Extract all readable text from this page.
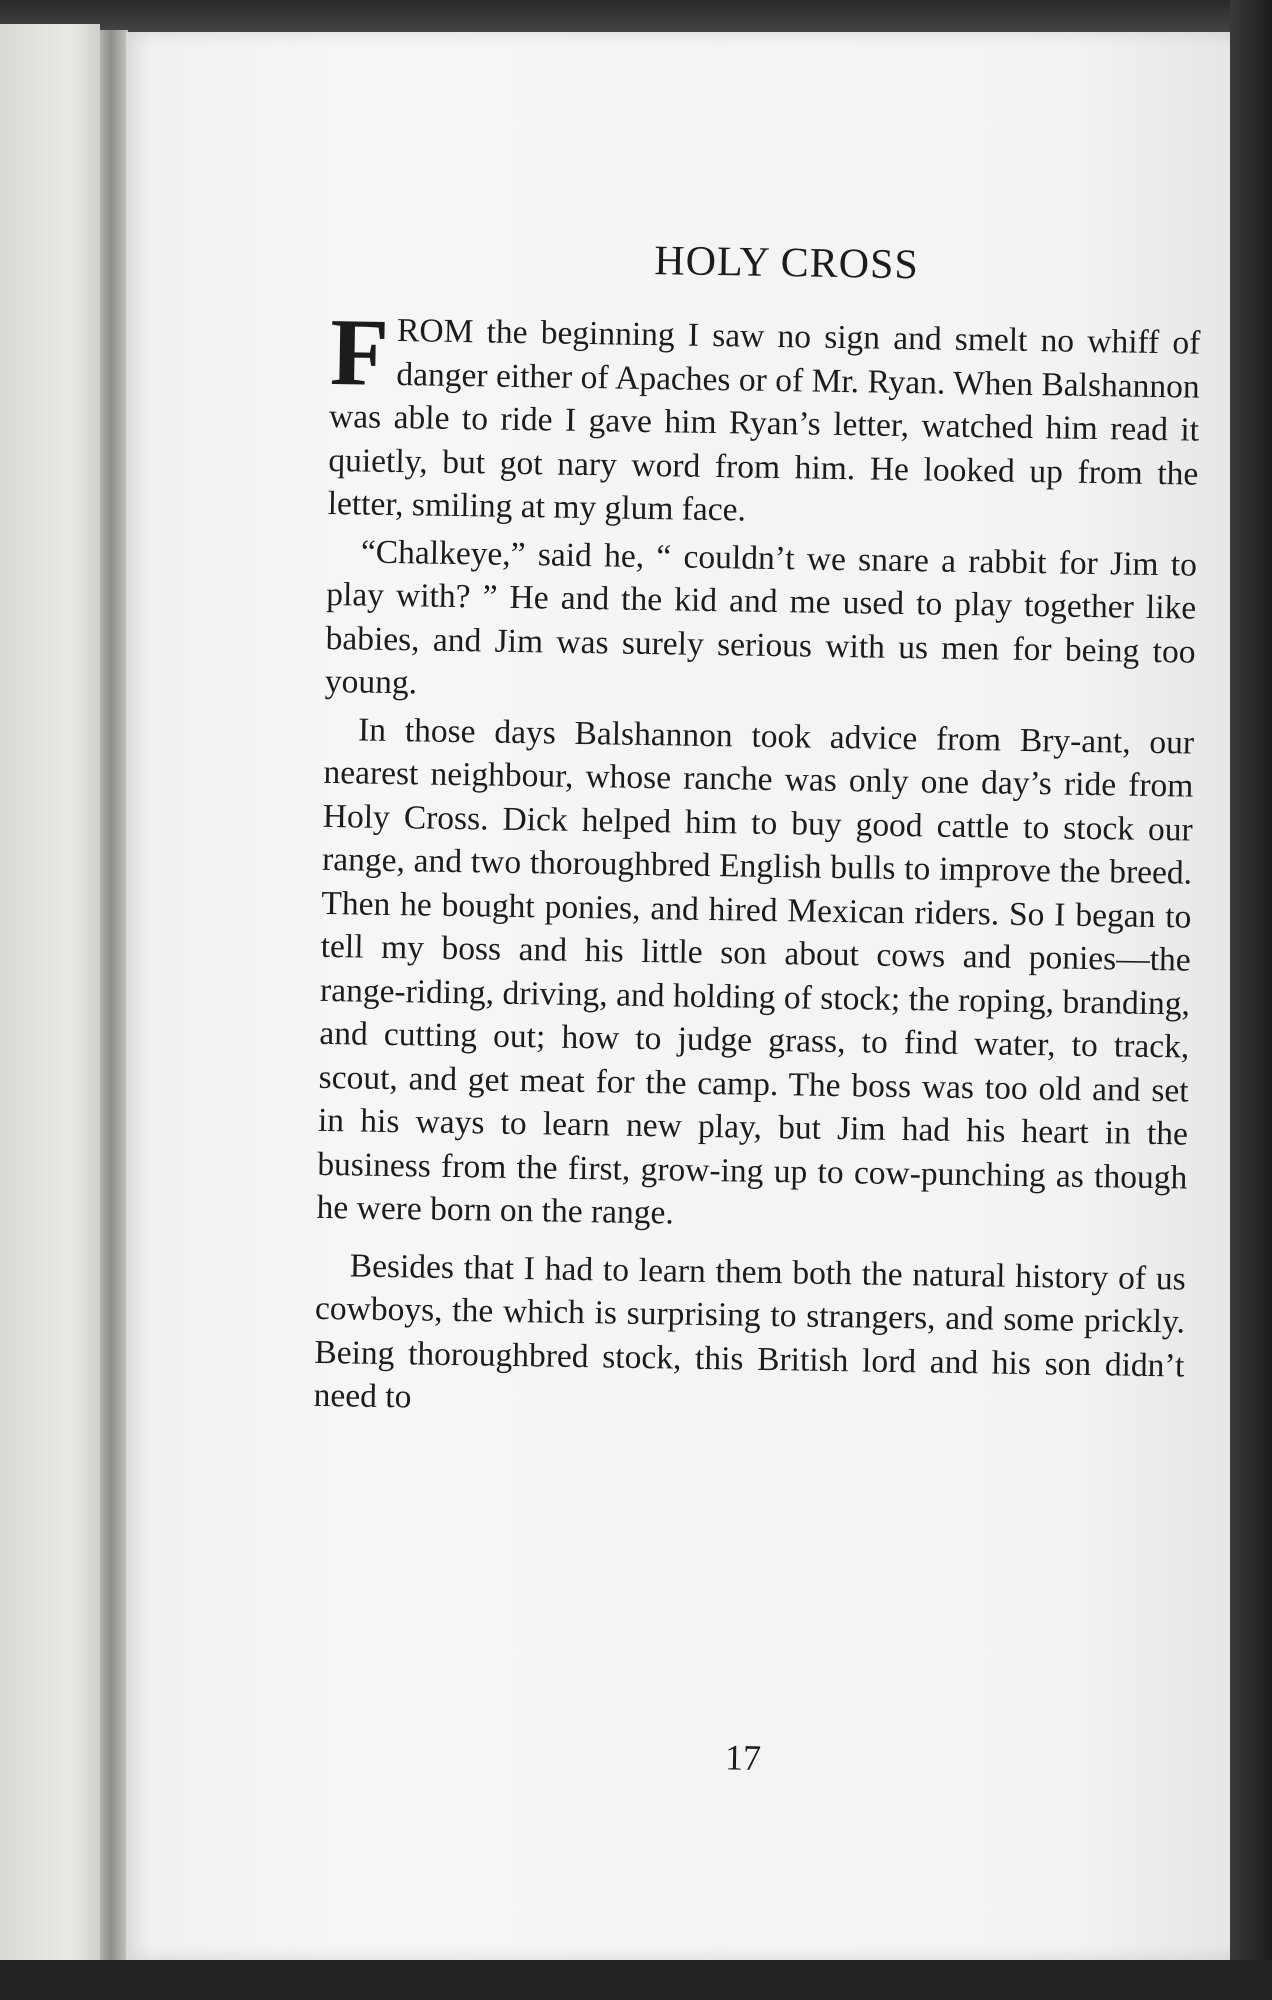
HOLY CROSS

FROM the beginning I saw no sign and smelt no whiff of danger either of Apaches or of Mr. Ryan. When Balshannon was able to ride I gave him Ryan’s letter, watched him read it quietly, but got nary word from him. He looked up from the letter, smiling at my glum face.

“Chalkeye,” said he, “ couldn’t we snare a rabbit for Jim to play with? ” He and the kid and me used to play together like babies, and Jim was surely serious with us men for being too young.

In those days Balshannon took advice from Bry-ant, our nearest neighbour, whose ranche was only one day’s ride from Holy Cross. Dick helped him to buy good cattle to stock our range, and two thoroughbred English bulls to improve the breed. Then he bought ponies, and hired Mexican riders. So I began to tell my boss and his little son about cows and ponies—the range-riding, driving, and holding of stock; the roping, branding, and cutting out; how to judge grass, to find water, to track, scout, and get meat for the camp. The boss was too old and set in his ways to learn new play, but Jim had his heart in the business from the first, grow-ing up to cow-punching as though he were born on the range.

Besides that I had to learn them both the natural history of us cowboys, the which is surprising to strangers, and some prickly. Being thoroughbred stock, this British lord and his son didn’t need to

17
